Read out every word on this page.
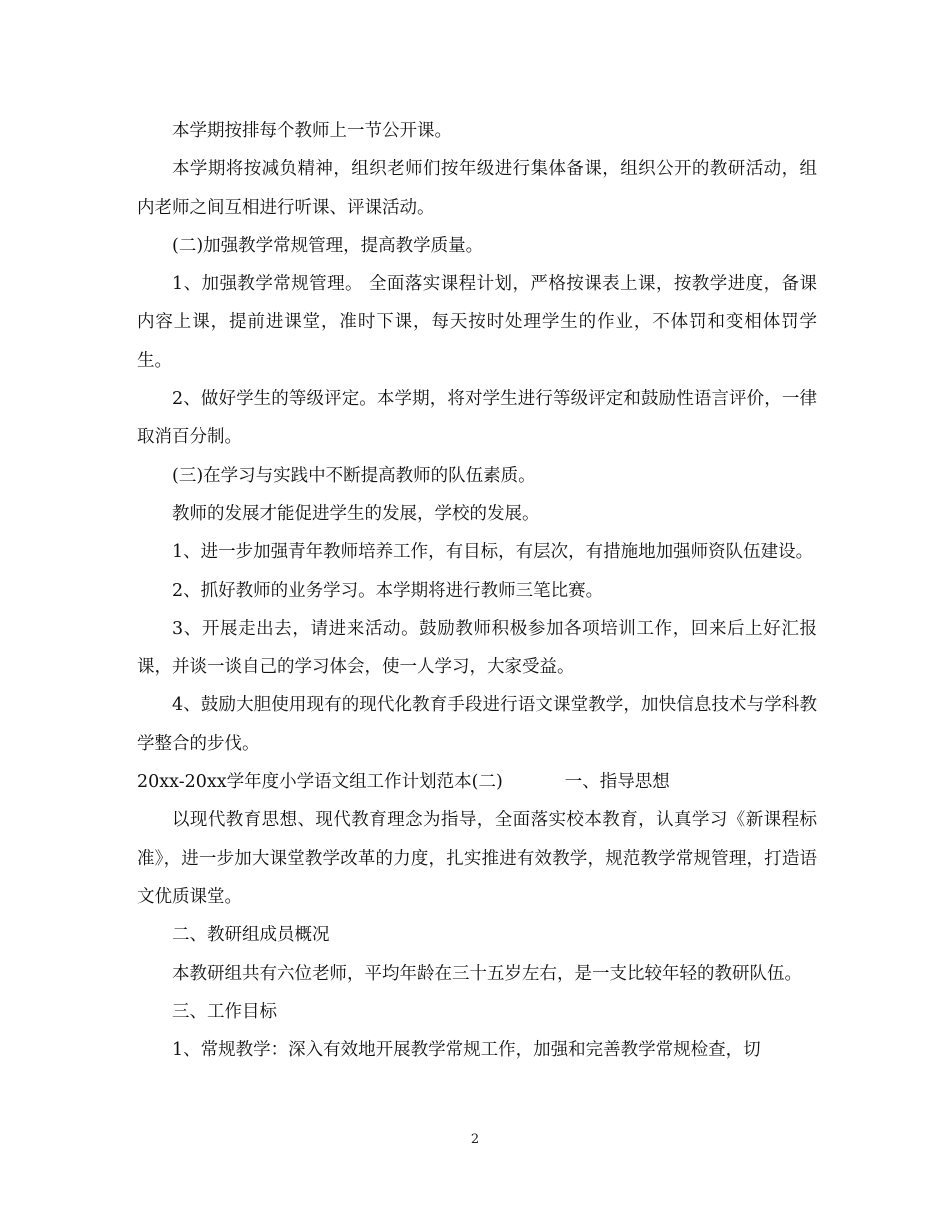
本学期按排每个教师上一节公开课。

本学期将按减负精神，组织老师们按年级进行集体备课，组织公开的教研活动，组内老师之间互相进行听课、评课活动。

(二)加强教学常规管理，提高教学质量。

1、加强教学常规管理。 全面落实课程计划，严格按课表上课，按教学进度，备课内容上课，提前进课堂，准时下课，每天按时处理学生的作业，不体罚和变相体罚学生。

2、做好学生的等级评定。本学期，将对学生进行等级评定和鼓励性语言评价，一律取消百分制。

(三)在学习与实践中不断提高教师的队伍素质。

教师的发展才能促进学生的发展，学校的发展。

1、进一步加强青年教师培养工作，有目标，有层次，有措施地加强师资队伍建设。

2、抓好教师的业务学习。本学期将进行教师三笔比赛。

3、开展走出去，请进来活动。鼓励教师积极参加各项培训工作，回来后上好汇报课，并谈一谈自己的学习体会，使一人学习，大家受益。

4、鼓励大胆使用现有的现代化教育手段进行语文课堂教学，加快信息技术与学科教学整合的步伐。

20xx-20xx学年度小学语文组工作计划范本(二)	一、指导思想

以现代教育思想、现代教育理念为指导，全面落实校本教育，认真学习《新课程标准》，进一步加大课堂教学改革的力度，扎实推进有效教学，规范教学常规管理，打造语文优质课堂。

二、教研组成员概况

本教研组共有六位老师，平均年龄在三十五岁左右，是一支比较年轻的教研队伍。

三、工作目标

1、常规教学：深入有效地开展教学常规工作，加强和完善教学常规检查，切

2
